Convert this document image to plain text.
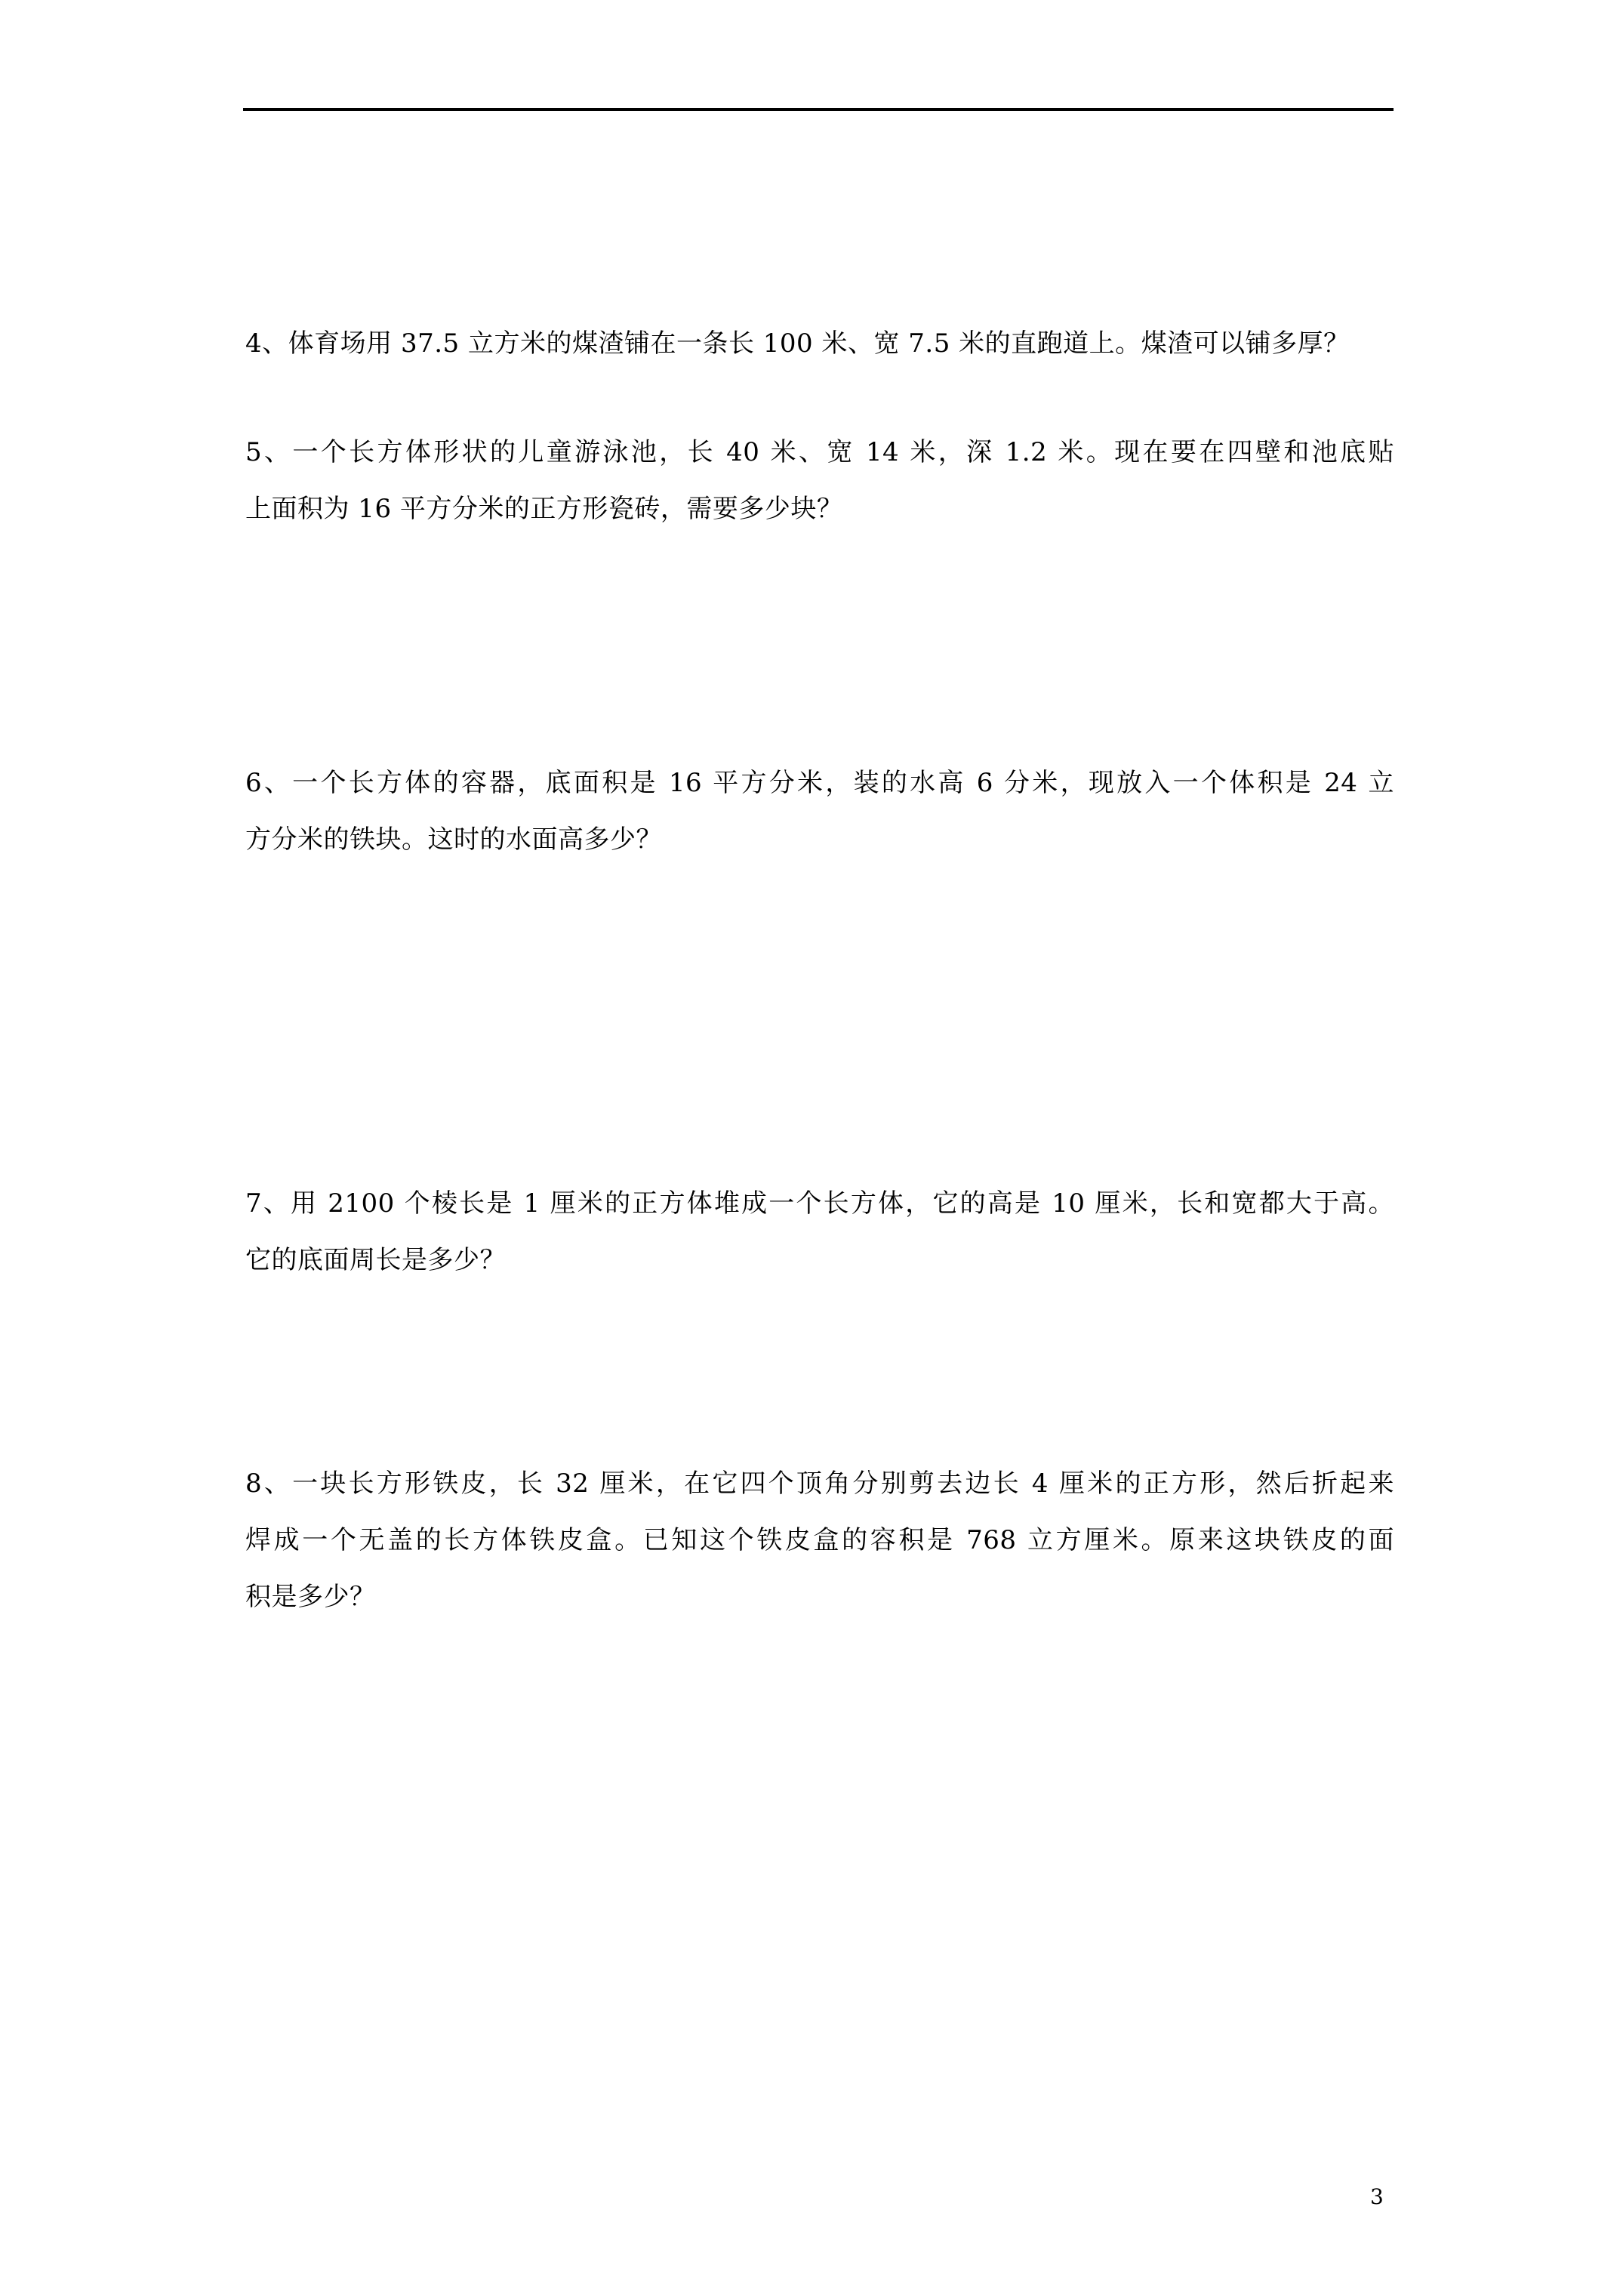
4、体育场用 37.5 立方米的煤渣铺在一条长 100 米、宽 7.5 米的直跑道上。煤渣可以铺多厚？
5、一个长方体形状的儿童游泳池，长 40 米、宽 14 米，深 1.2 米。现在要在四壁和池底贴
上面积为 16 平方分米的正方形瓷砖，需要多少块？
6、一个长方体的容器，底面积是 16 平方分米，装的水高 6 分米，现放入一个体积是 24 立
方分米的铁块。这时的水面高多少？
7、用 2100 个棱长是 1 厘米的正方体堆成一个长方体，它的高是 10 厘米，长和宽都大于高。
它的底面周长是多少？
8、一块长方形铁皮，长 32 厘米，在它四个顶角分别剪去边长 4 厘米的正方形，然后折起来
焊成一个无盖的长方体铁皮盒。已知这个铁皮盒的容积是 768 立方厘米。原来这块铁皮的面
积是多少？
3
